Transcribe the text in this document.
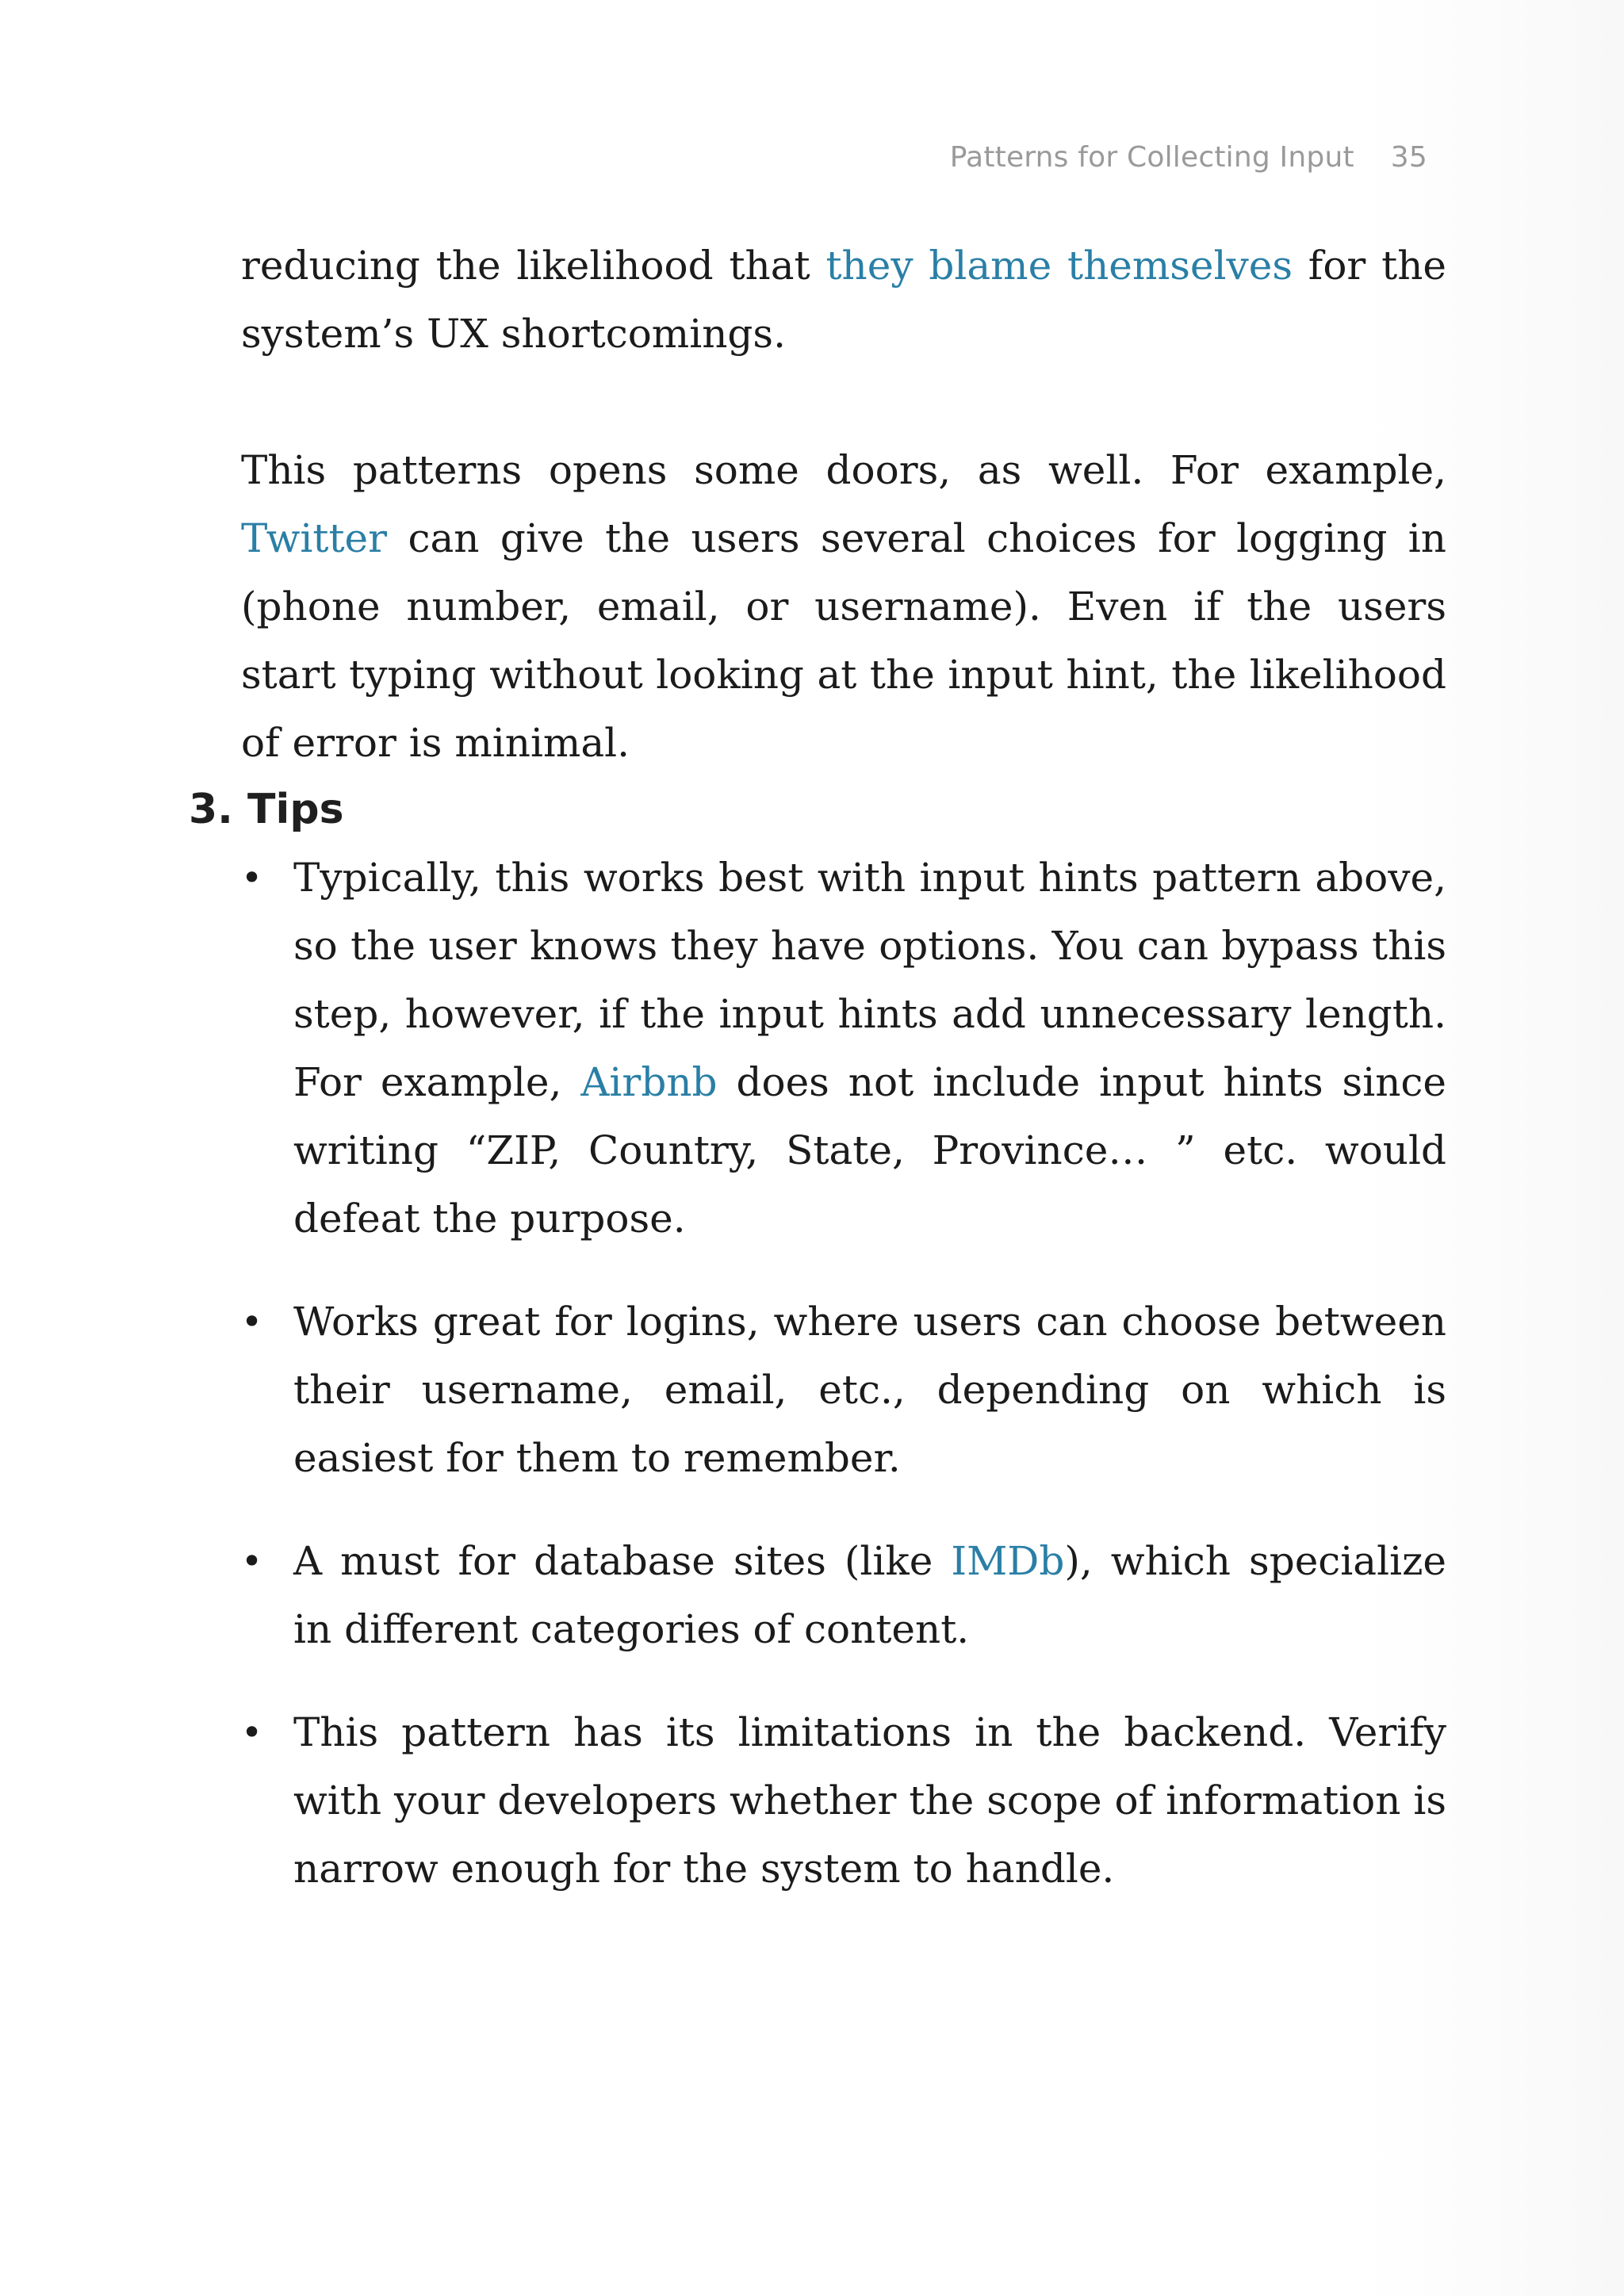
Patterns for Collecting Input 35

reducing the likelihood that they blame themselves for the system’s UX shortcomings.

This patterns opens some doors, as well. For example, Twitter can give the users several choices for logging in (phone number, email, or username). Even if the users start typing without looking at the input hint, the likelihood of error is minimal.

3. Tips
• Typically, this works best with input hints pattern above, so the user knows they have options. You can bypass this step, however, if the input hints add unnecessary length. For example, Airbnb does not include input hints since writing “ZIP, Country, State, Province… ” etc. would defeat the purpose.
• Works great for logins, where users can choose between their username, email, etc., depending on which is easiest for them to remember.
• A must for database sites (like IMDb), which specialize in different categories of content.
• This pattern has its limitations in the backend. Verify with your developers whether the scope of information is narrow enough for the system to handle.
